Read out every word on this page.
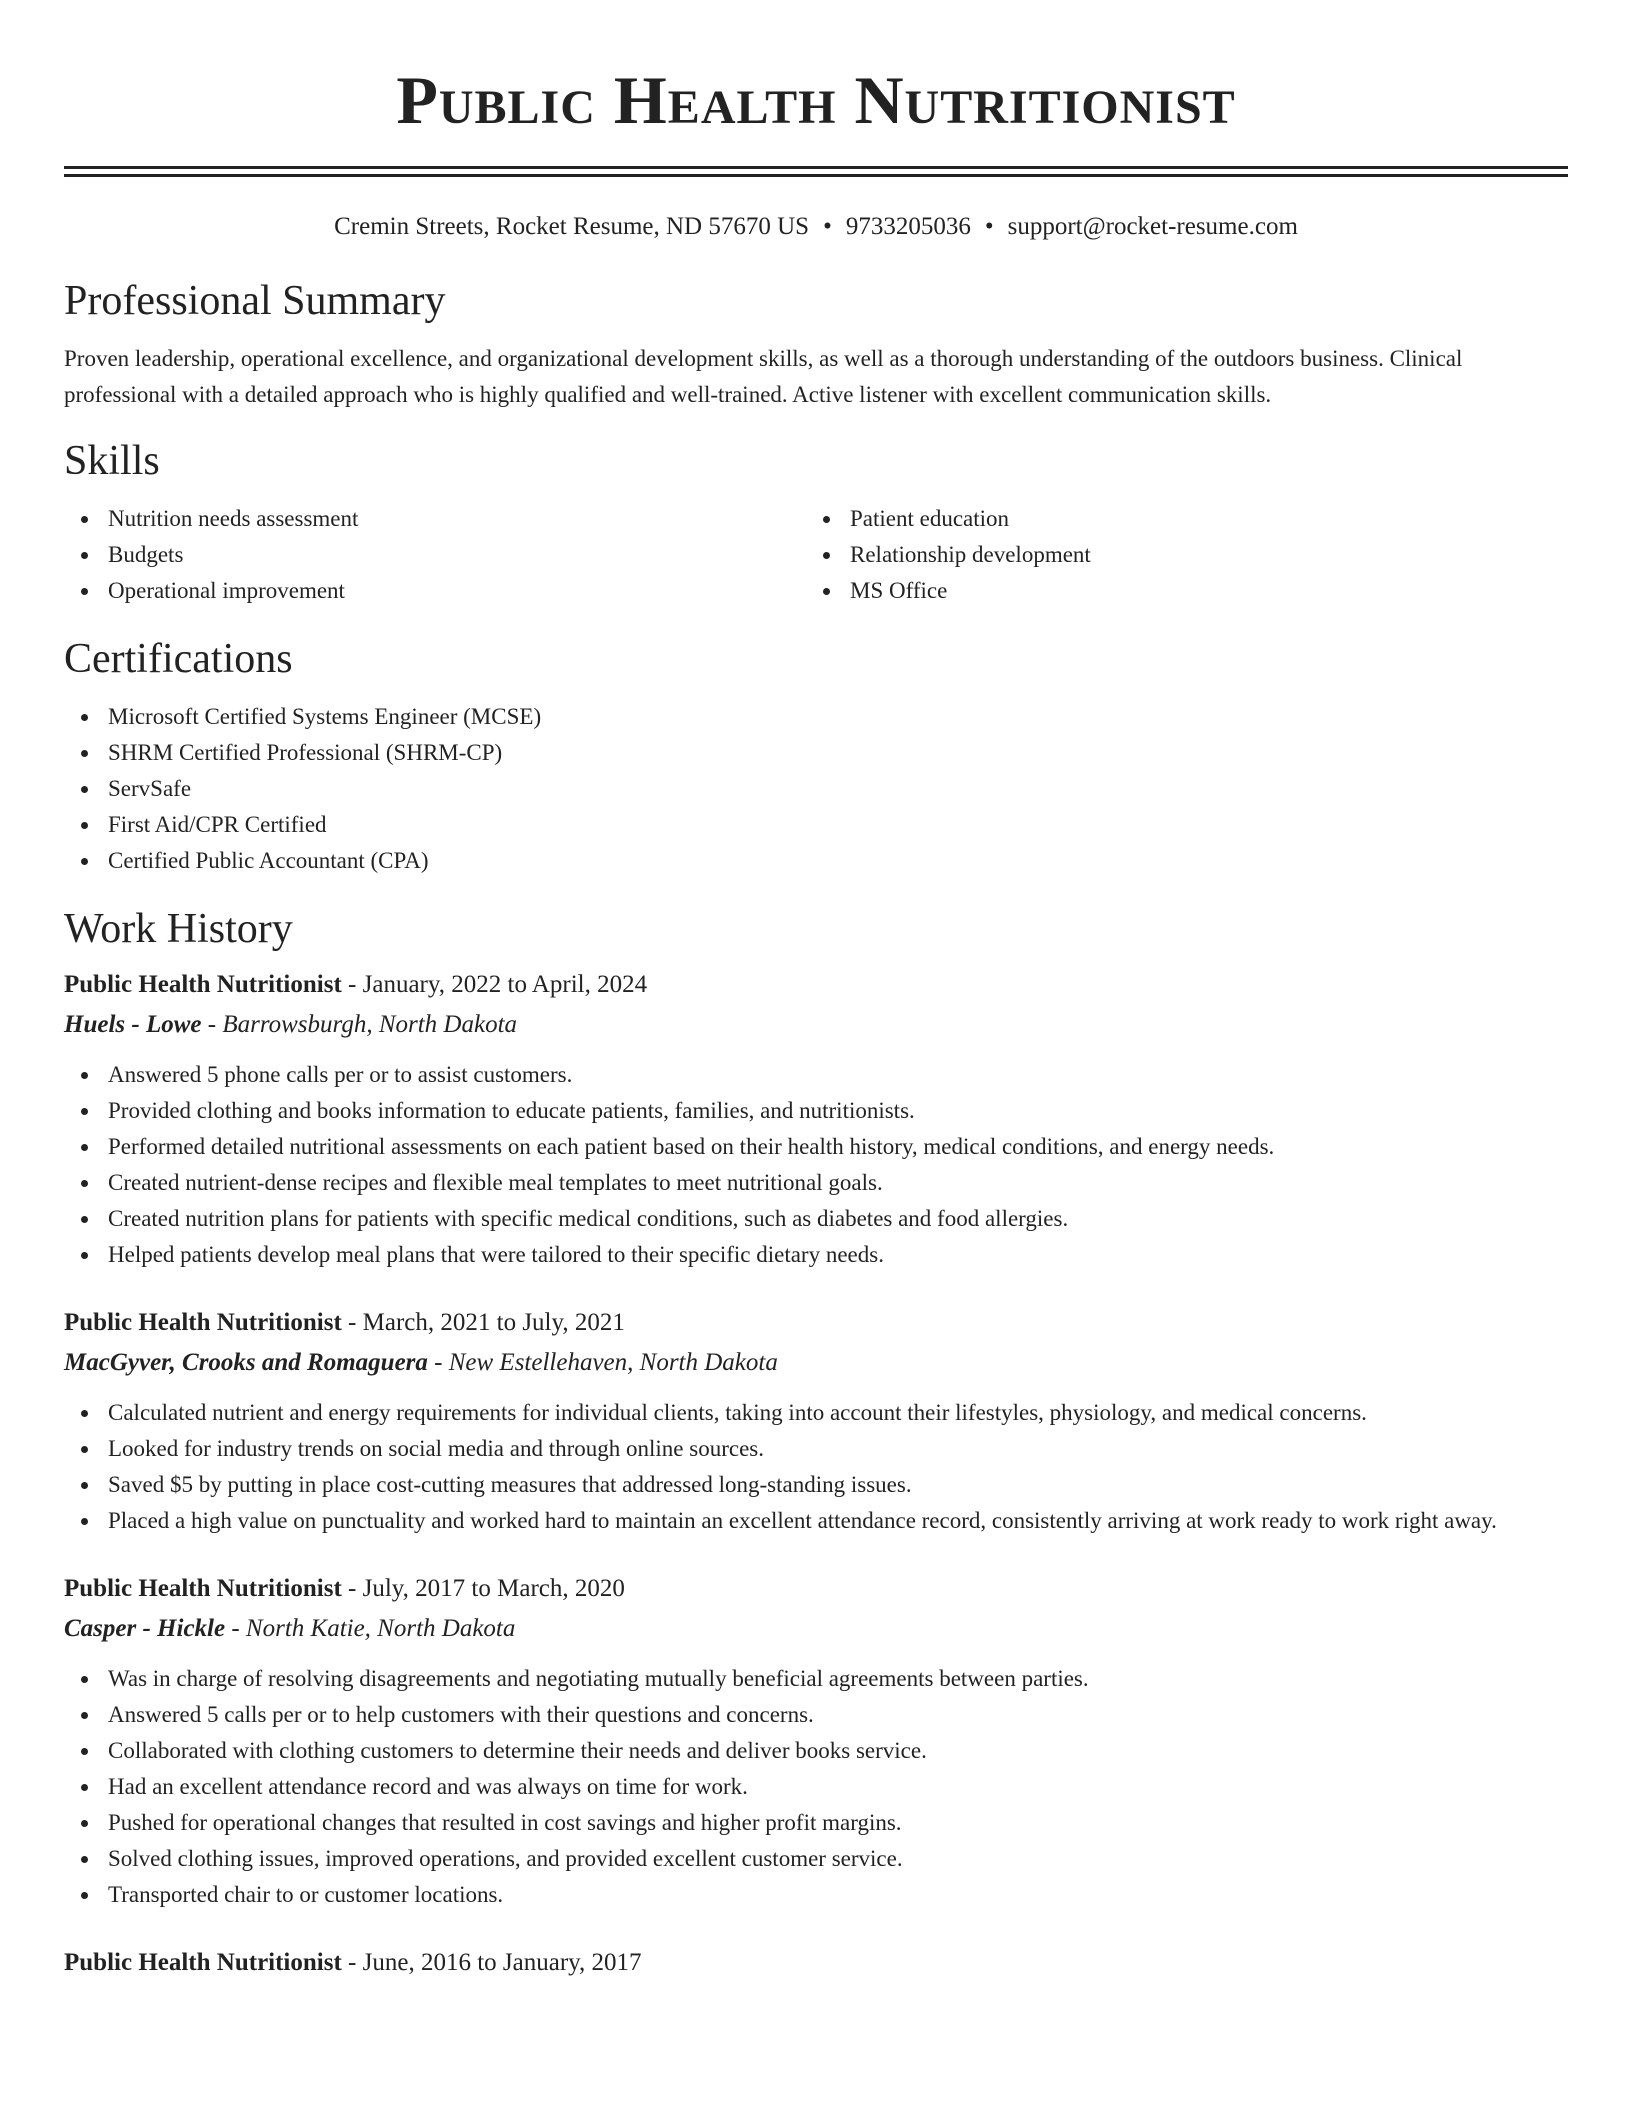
Public Health Nutritionist
Cremin Streets, Rocket Resume, ND 57670 US • 9733205036 • support@rocket-resume.com
Professional Summary

Proven leadership, operational excellence, and organizational development skills, as well as a thorough understanding of the outdoors business. Clinical professional with a detailed approach who is highly qualified and well-trained. Active listener with excellent communication skills.

Skills
Nutrition needs assessment
Budgets
Operational improvement
Patient education
Relationship development
MS Office
Certifications
Microsoft Certified Systems Engineer (MCSE)
SHRM Certified Professional (SHRM-CP)
ServSafe
First Aid/CPR Certified
Certified Public Accountant (CPA)
Work History
Public Health Nutritionist - January, 2022 to April, 2024
Huels - Lowe - Barrowsburgh, North Dakota
Answered 5 phone calls per or to assist customers.
Provided clothing and books information to educate patients, families, and nutritionists.
Performed detailed nutritional assessments on each patient based on their health history, medical conditions, and energy needs.
Created nutrient-dense recipes and flexible meal templates to meet nutritional goals.
Created nutrition plans for patients with specific medical conditions, such as diabetes and food allergies.
Helped patients develop meal plans that were tailored to their specific dietary needs.
Public Health Nutritionist - March, 2021 to July, 2021
MacGyver, Crooks and Romaguera - New Estellehaven, North Dakota
Calculated nutrient and energy requirements for individual clients, taking into account their lifestyles, physiology, and medical concerns.
Looked for industry trends on social media and through online sources.
Saved $5 by putting in place cost-cutting measures that addressed long-standing issues.
Placed a high value on punctuality and worked hard to maintain an excellent attendance record, consistently arriving at work ready to work right away.
Public Health Nutritionist - July, 2017 to March, 2020
Casper - Hickle - North Katie, North Dakota
Was in charge of resolving disagreements and negotiating mutually beneficial agreements between parties.
Answered 5 calls per or to help customers with their questions and concerns.
Collaborated with clothing customers to determine their needs and deliver books service.
Had an excellent attendance record and was always on time for work.
Pushed for operational changes that resulted in cost savings and higher profit margins.
Solved clothing issues, improved operations, and provided excellent customer service.
Transported chair to or customer locations.
Public Health Nutritionist - June, 2016 to January, 2017
